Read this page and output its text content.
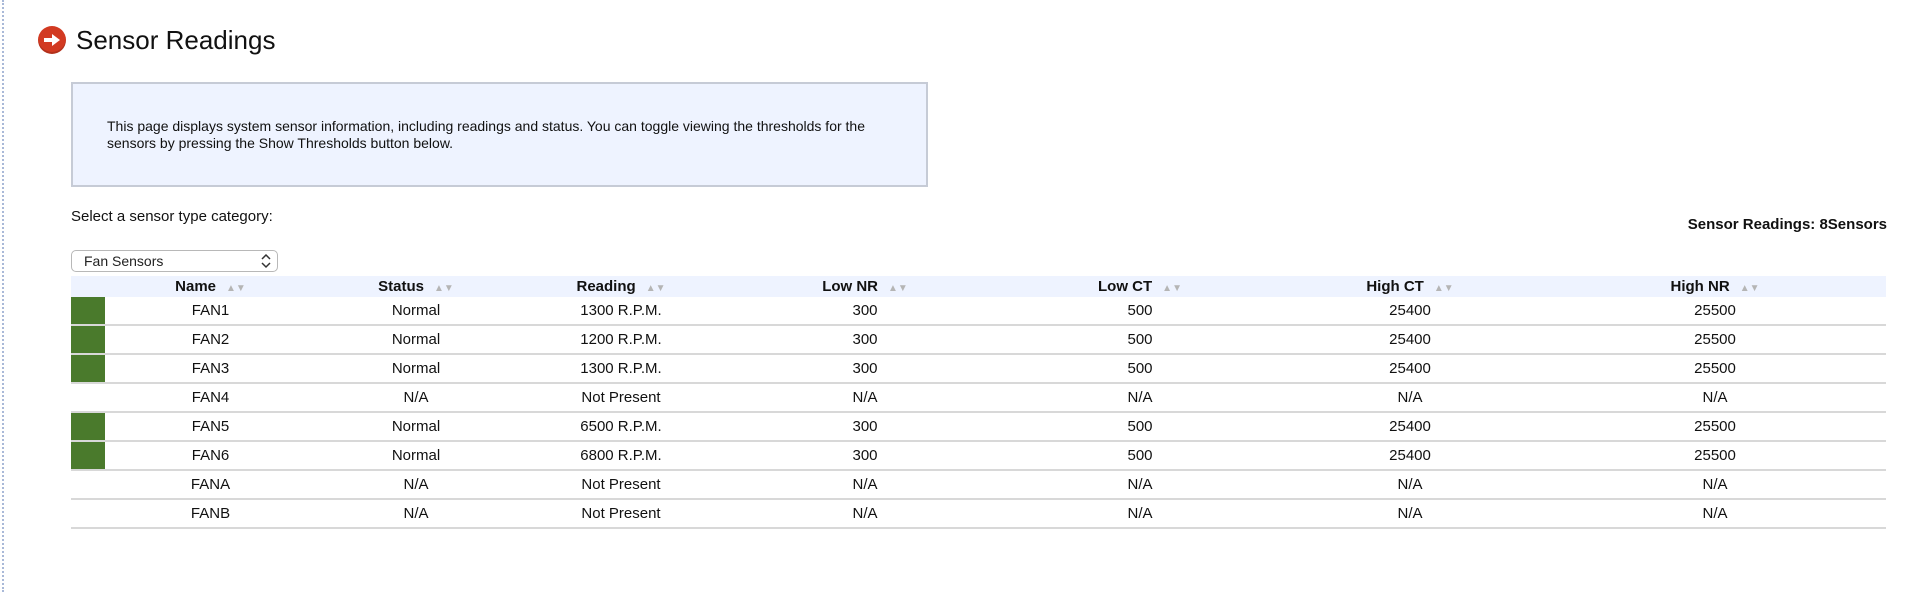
Sensor Readings
This page displays system sensor information, including readings and status. You can toggle viewing the thresholds for the sensors by pressing the Show Thresholds button below.
Select a sensor type category:	Sensor Readings: 8Sensors
Fan Sensors
	Name ▲▼	Status ▲▼	Reading ▲▼	Low NR ▲▼	Low CT ▲▼	High CT ▲▼	High NR ▲▼

	FAN1	Normal	1300 R.P.M.	300	500	25400	25500

	FAN2	Normal	1200 R.P.M.	300	500	25400	25500

	FAN3	Normal	1300 R.P.M.	300	500	25400	25500

	FAN4	N/A	Not Present	N/A	N/A	N/A	N/A

	FAN5	Normal	6500 R.P.M.	300	500	25400	25500

	FAN6	Normal	6800 R.P.M.	300	500	25400	25500

	FANA	N/A	Not Present	N/A	N/A	N/A	N/A

	FANB	N/A	Not Present	N/A	N/A	N/A	N/A
